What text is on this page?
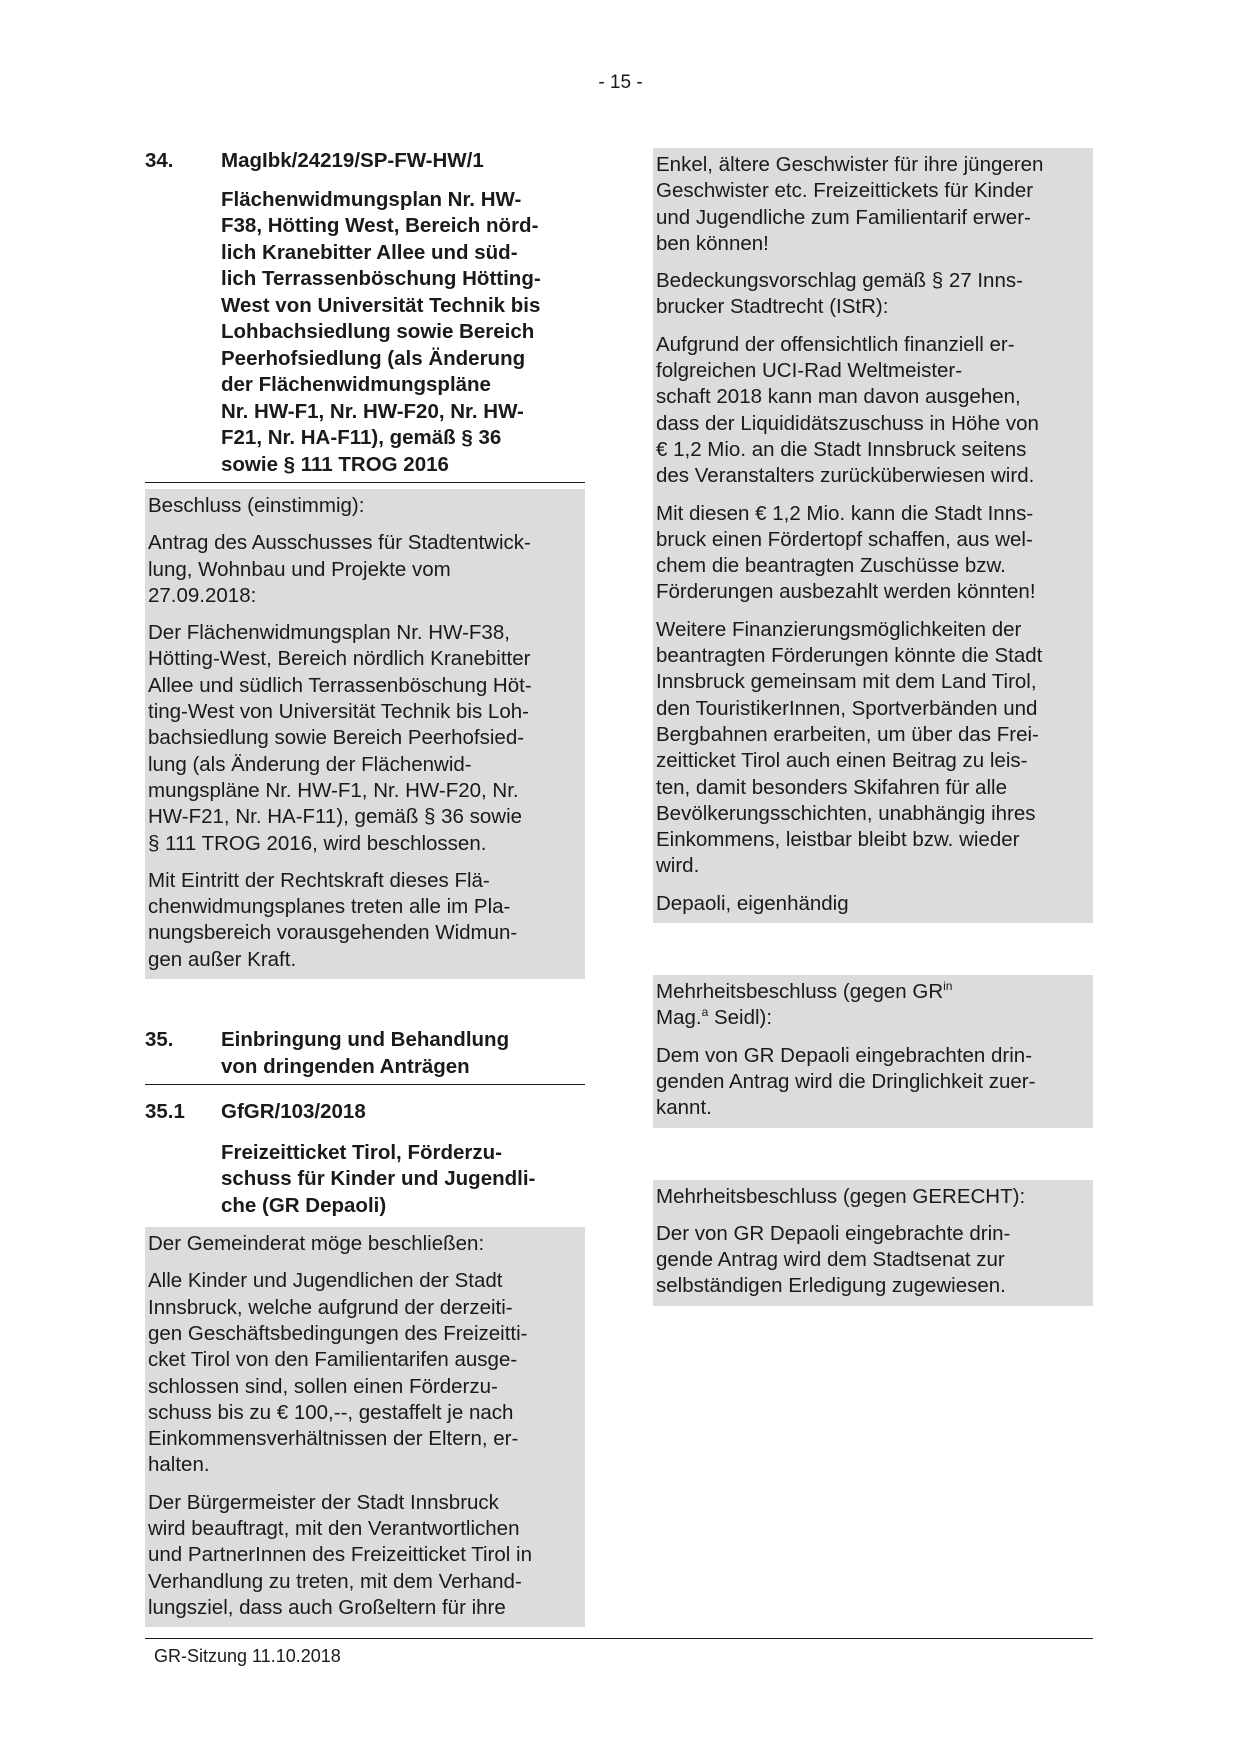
- 15 -
34.	MagIbk/24219/SP-FW-HW/1
Flächenwidmungsplan Nr. HW-
F38, Hötting West, Bereich nörd-
lich Kranebitter Allee und süd-
lich Terrassenböschung Hötting-
West von Universität Technik bis
Lohbachsiedlung sowie Bereich
Peerhofsiedlung (als Änderung
der Flächenwidmungspläne
Nr. HW-F1, Nr. HW-F20, Nr. HW-
F21, Nr. HA-F11), gemäß § 36
sowie § 111 TROG 2016

Beschluss (einstimmig):

Antrag des Ausschusses für Stadtentwick-
lung, Wohnbau und Projekte vom
27.09.2018:

Der Flächenwidmungsplan Nr. HW-F38,
Hötting-West, Bereich nördlich Kranebitter
Allee und südlich Terrassenböschung Höt-
ting-West von Universität Technik bis Loh-
bachsiedlung sowie Bereich Peerhofsied-
lung (als Änderung der Flächenwid-
mungspläne Nr. HW-F1, Nr. HW-F20, Nr.
HW-F21, Nr. HA-F11), gemäß § 36 sowie
§ 111 TROG 2016, wird beschlossen.

Mit Eintritt der Rechtskraft dieses Flä-
chenwidmungsplanes treten alle im Pla-
nungsbereich vorausgehenden Widmun-
gen außer Kraft.

35.	Einbringung und Behandlung
von dringenden Anträgen
35.1	GfGR/103/2018
Freizeitticket Tirol, Förderzu-
schuss für Kinder und Jugendli-
che (GR Depaoli)

Der Gemeinderat möge beschließen:

Alle Kinder und Jugendlichen der Stadt
Innsbruck, welche aufgrund der derzeiti-
gen Geschäftsbedingungen des Freizeitti-
cket Tirol von den Familientarifen ausge-
schlossen sind, sollen einen Förderzu-
schuss bis zu € 100,--, gestaffelt je nach
Einkommensverhältnissen der Eltern, er-
halten.

Der Bürgermeister der Stadt Innsbruck
wird beauftragt, mit den Verantwortlichen
und PartnerInnen des Freizeitticket Tirol in
Verhandlung zu treten, mit dem Verhand-
lungsziel, dass auch Großeltern für ihre

Enkel, ältere Geschwister für ihre jüngeren
Geschwister etc. Freizeittickets für Kinder
und Jugendliche zum Familientarif erwer-
ben können!

Bedeckungsvorschlag gemäß § 27 Inns-
brucker Stadtrecht (IStR):

Aufgrund der offensichtlich finanziell er-
folgreichen UCI-Rad Weltmeister-
schaft 2018 kann man davon ausgehen,
dass der Liquididätszuschuss in Höhe von
€ 1,2 Mio. an die Stadt Innsbruck seitens
des Veranstalters zurücküberwiesen wird.

Mit diesen € 1,2 Mio. kann die Stadt Inns-
bruck einen Fördertopf schaffen, aus wel-
chem die beantragten Zuschüsse bzw.
Förderungen ausbezahlt werden könnten!

Weitere Finanzierungsmöglichkeiten der
beantragten Förderungen könnte die Stadt
Innsbruck gemeinsam mit dem Land Tirol,
den TouristikerInnen, Sportverbänden und
Bergbahnen erarbeiten, um über das Frei-
zeitticket Tirol auch einen Beitrag zu leis-
ten, damit besonders Skifahren für alle
Bevölkerungsschichten, unabhängig ihres
Einkommens, leistbar bleibt bzw. wieder
wird.

Depaoli, eigenhändig

Mehrheitsbeschluss (gegen $GR^{in}$
Mag.$^a$ Seidl):

Dem von GR Depaoli eingebrachten drin-
genden Antrag wird die Dringlichkeit zuer-
kannt.

Mehrheitsbeschluss (gegen GERECHT):

Der von GR Depaoli eingebrachte drin-
gende Antrag wird dem Stadtsenat zur
selbständigen Erledigung zugewiesen.

GR-Sitzung 11.10.2018
